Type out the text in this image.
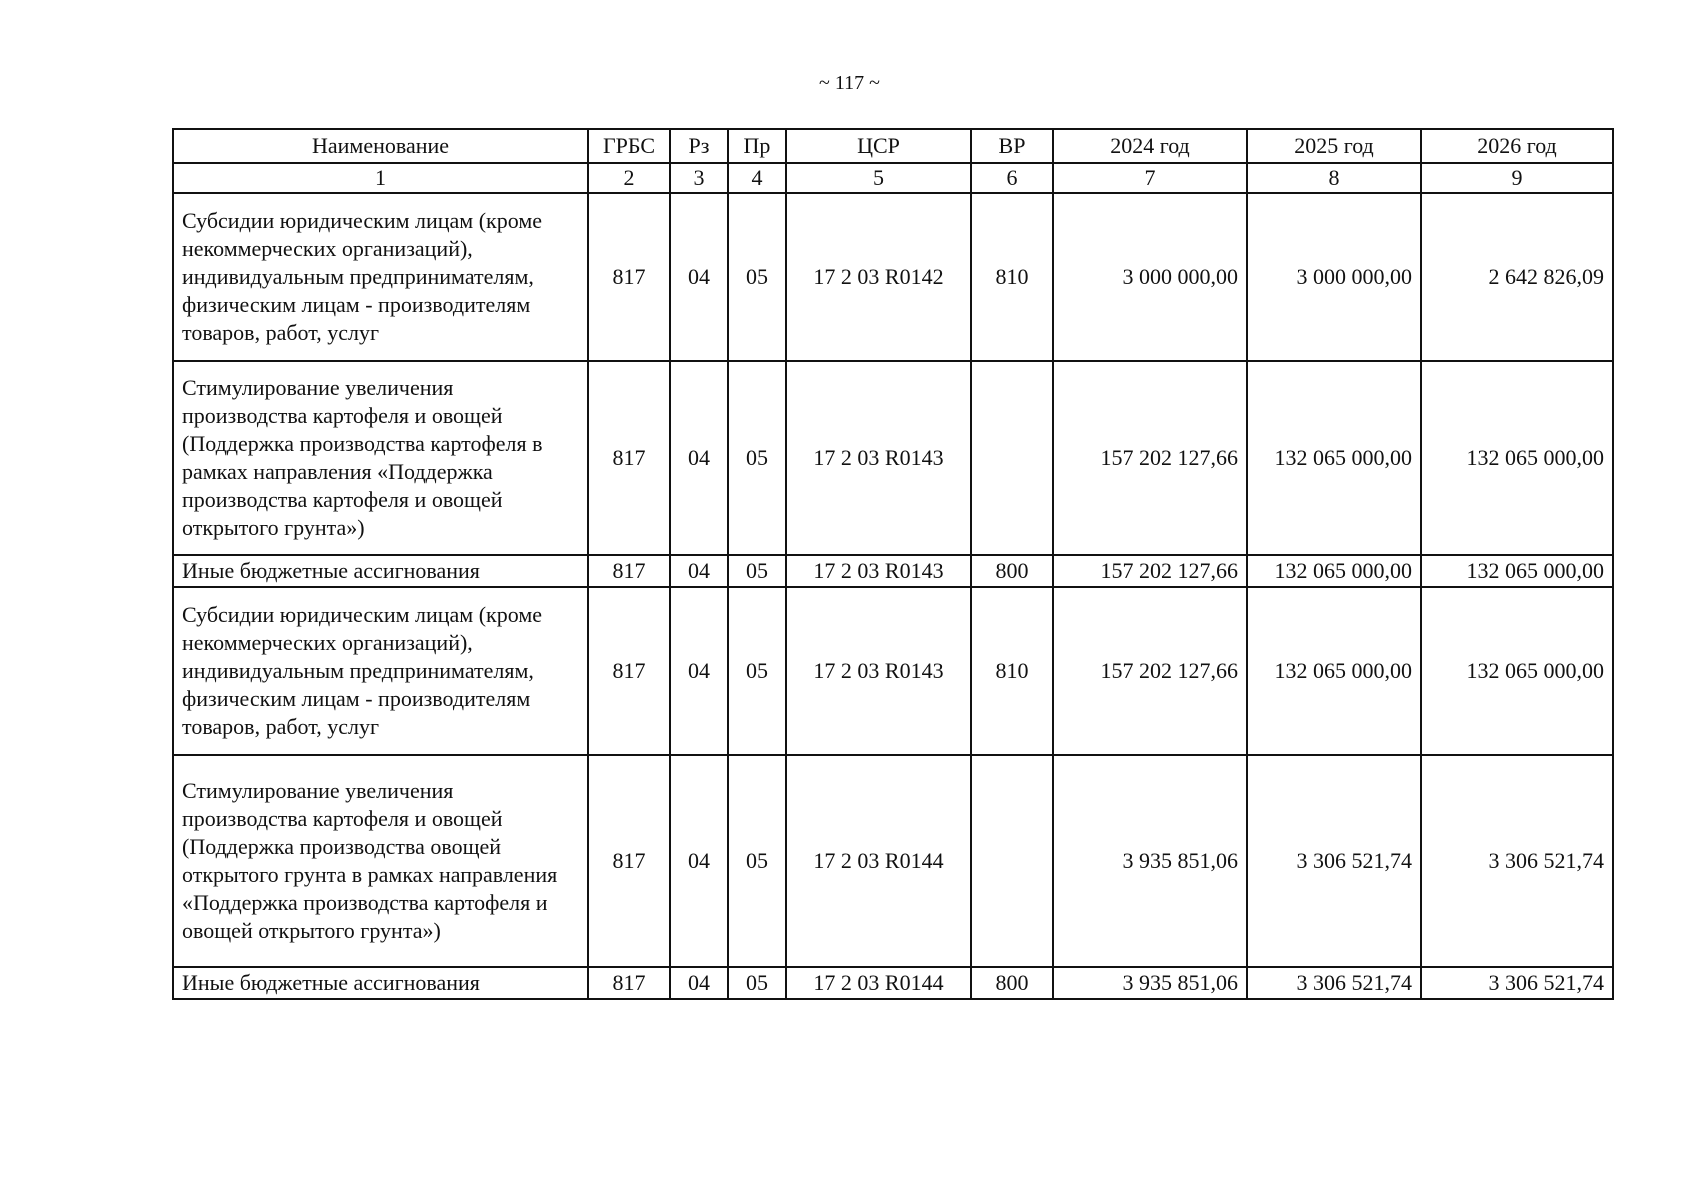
~ 117 ~
Наименование	ГРБС	Рз	Пр	ЦСР	ВР	2024 год	2025 год	2026 год
1	2	3	4	5	6	7	8	9
Субсидии юридическим лицам (кроме некоммерческих организаций), индивидуальным предпринимателям, физическим лицам - производителям товаров, работ, услуг	817	04	05	17 2 03 R0142	810	3 000 000,00	3 000 000,00	2 642 826,09
Стимулирование увеличения производства картофеля и овощей (Поддержка производства картофеля в рамках направления «Поддержка производства картофеля и овощей открытого грунта»)	817	04	05	17 2 03 R0143		157 202 127,66	132 065 000,00	132 065 000,00
Иные бюджетные ассигнования	817	04	05	17 2 03 R0143	800	157 202 127,66	132 065 000,00	132 065 000,00
Субсидии юридическим лицам (кроме некоммерческих организаций), индивидуальным предпринимателям, физическим лицам - производителям товаров, работ, услуг	817	04	05	17 2 03 R0143	810	157 202 127,66	132 065 000,00	132 065 000,00
Стимулирование увеличения производства картофеля и овощей (Поддержка производства овощей открытого грунта в рамках направления «Поддержка производства картофеля и овощей открытого грунта»)	817	04	05	17 2 03 R0144		3 935 851,06	3 306 521,74	3 306 521,74
Иные бюджетные ассигнования	817	04	05	17 2 03 R0144	800	3 935 851,06	3 306 521,74	3 306 521,74
